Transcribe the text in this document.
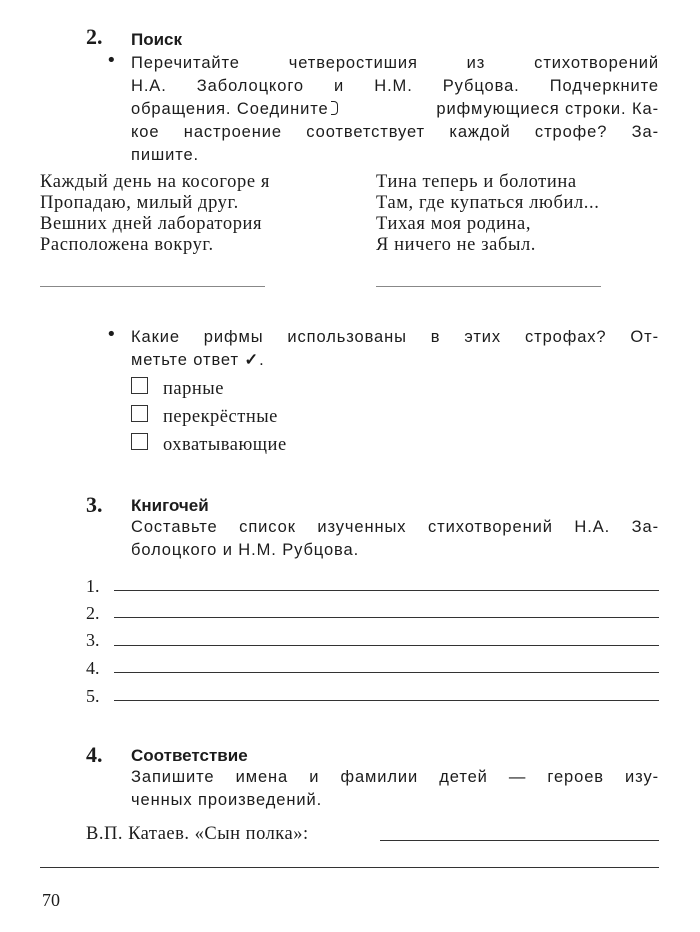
2. Поиск
• Перечитайте четверостишия из стихотворений
Н.А. Заболоцкого и Н.М. Рубцова. Подчеркните
обращения. Соедините	рифмующиеся строки. Ка-
кое настроение соответствует каждой строфе? За-
пишите.
Каждый день на косогоре я
Пропадаю, милый друг.
Вешних дней лаборатория
Расположена вокруг.
Тина теперь и болотина
Там, где купаться любил...
Тихая моя родина,
Я ничего не забыл.
• Какие рифмы использованы в этих строфах? От-
метьте ответ ✓.
парные
перекрёстные
охватывающие
3. Книгочей
Составьте список изученных стихотворений Н.А. За-
болоцкого и Н.М. Рубцова.
1.
2.
3.
4.
5.
4. Соответствие
Запишите имена и фамилии детей — героев изу-
ченных произведений.
В.П. Катаев. «Сын полка»:
70
